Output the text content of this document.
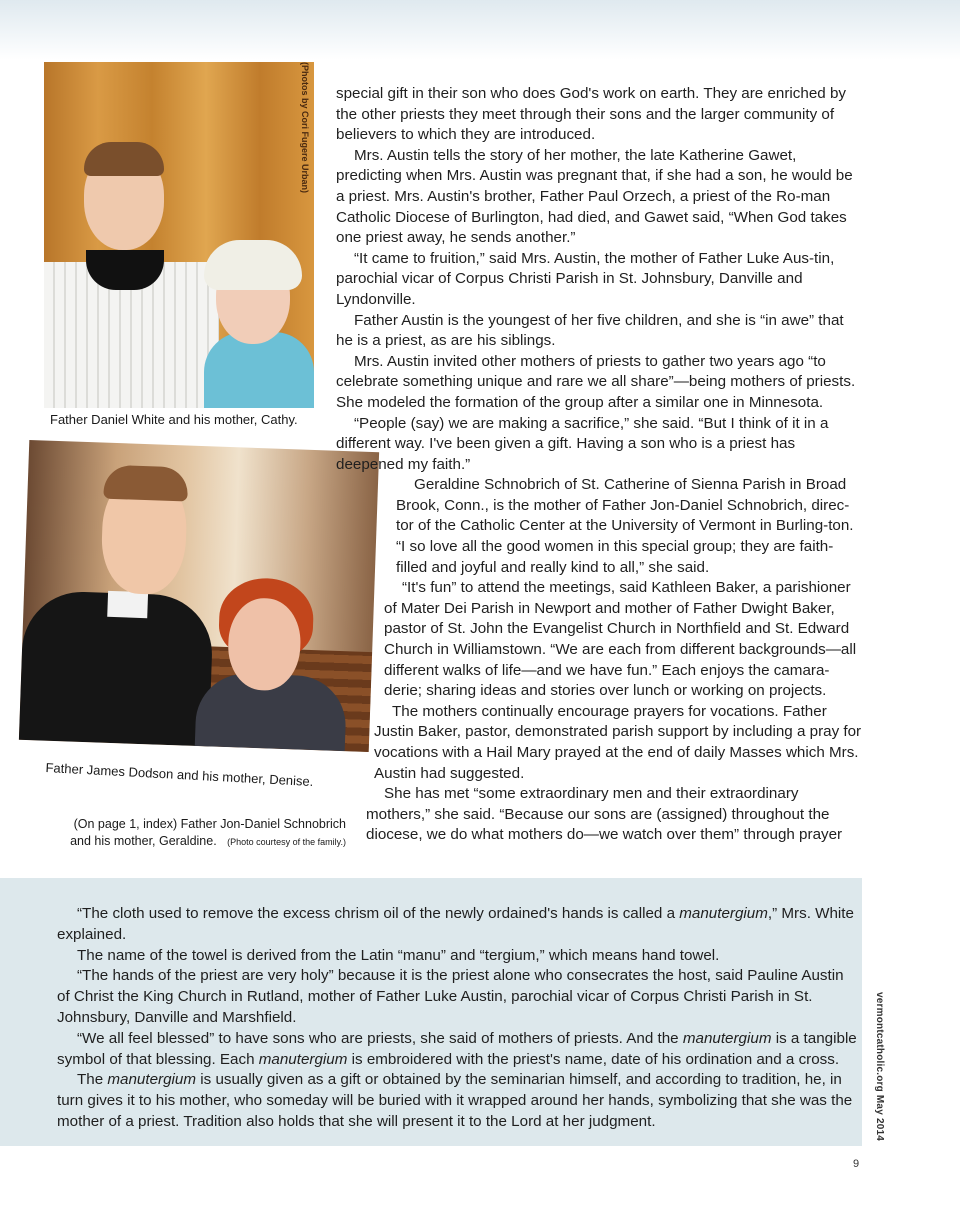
(Photos by Cori Fugere Urban)
Father Daniel White and his mother, Cathy.
Father James Dodson and his mother, Denise.
(On page 1, index) Father Jon-Daniel Schnobrich
and his mother, Geraldine. (Photo courtesy of the family.)

special gift in their son who does God's work on earth. They are enriched by the other priests they meet through their sons and the larger community of believers to which they are introduced.

Mrs. Austin tells the story of her mother, the late Katherine Gawet, predicting when Mrs. Austin was pregnant that, if she had a son, he would be a priest. Mrs. Austin's brother, Father Paul Orzech, a priest of the Ro-man Catholic Diocese of Burlington, had died, and Gawet said, “When God takes one priest away, he sends another.”

“It came to fruition,” said Mrs. Austin, the mother of Father Luke Aus-tin, parochial vicar of Corpus Christi Parish in St. Johnsbury, Danville and Lyndonville.

Father Austin is the youngest of her five children, and she is “in awe” that he is a priest, as are his siblings.

Mrs. Austin invited other mothers of priests to gather two years ago “to celebrate something unique and rare we all share”—being mothers of priests. She modeled the formation of the group after a similar one in Minnesota.

“People (say) we are making a sacrifice,” she said. “But I think of it in a different way. I've been given a gift. Having a son who is a priest has deepened my faith.”

Geraldine Schnobrich of St. Catherine of Sienna Parish in Broad Brook, Conn., is the mother of Father Jon-Daniel Schnobrich, direc-tor of the Catholic Center at the University of Vermont in Burling-ton. “I so love all the good women in this special group; they are faith-filled and joyful and really kind to all,” she said.

“It's fun” to attend the meetings, said Kathleen Baker, a parishioner of Mater Dei Parish in Newport and mother of Father Dwight Baker, pastor of St. John the Evangelist Church in Northfield and St. Edward Church in Williamstown. “We are each from different backgrounds—all different walks of life—and we have fun.” Each enjoys the camara-derie; sharing ideas and stories over lunch or working on projects.

The mothers continually encourage prayers for vocations. Father Justin Baker, pastor, demonstrated parish support by including a pray for vocations with a Hail Mary prayed at the end of daily Masses which Mrs. Austin had suggested.

She has met “some extraordinary men and their extraordinary mothers,” she said. “Because our sons are (assigned) throughout the diocese, we do what mothers do—we watch over them” through prayer

“The cloth used to remove the excess chrism oil of the newly ordained's hands is called a manutergium,” Mrs. White explained.

The name of the towel is derived from the Latin “manu” and “tergium,” which means hand towel.

“The hands of the priest are very holy” because it is the priest alone who consecrates the host, said Pauline Austin of Christ the King Church in Rutland, mother of Father Luke Austin, parochial vicar of Corpus Christi Parish in St. Johnsbury, Danville and Marshfield.

“We all feel blessed” to have sons who are priests, she said of mothers of priests. And the manutergium is a tangible symbol of that blessing. Each manutergium is embroidered with the priest's name, date of his ordination and a cross.

The manutergium is usually given as a gift or obtained by the seminarian himself, and according to tradition, he, in turn gives it to his mother, who someday will be buried with it wrapped around her hands, symbolizing that she was the mother of a priest. Tradition also holds that she will present it to the Lord at her judgment.	vermontcatholic.org May 2014
9
